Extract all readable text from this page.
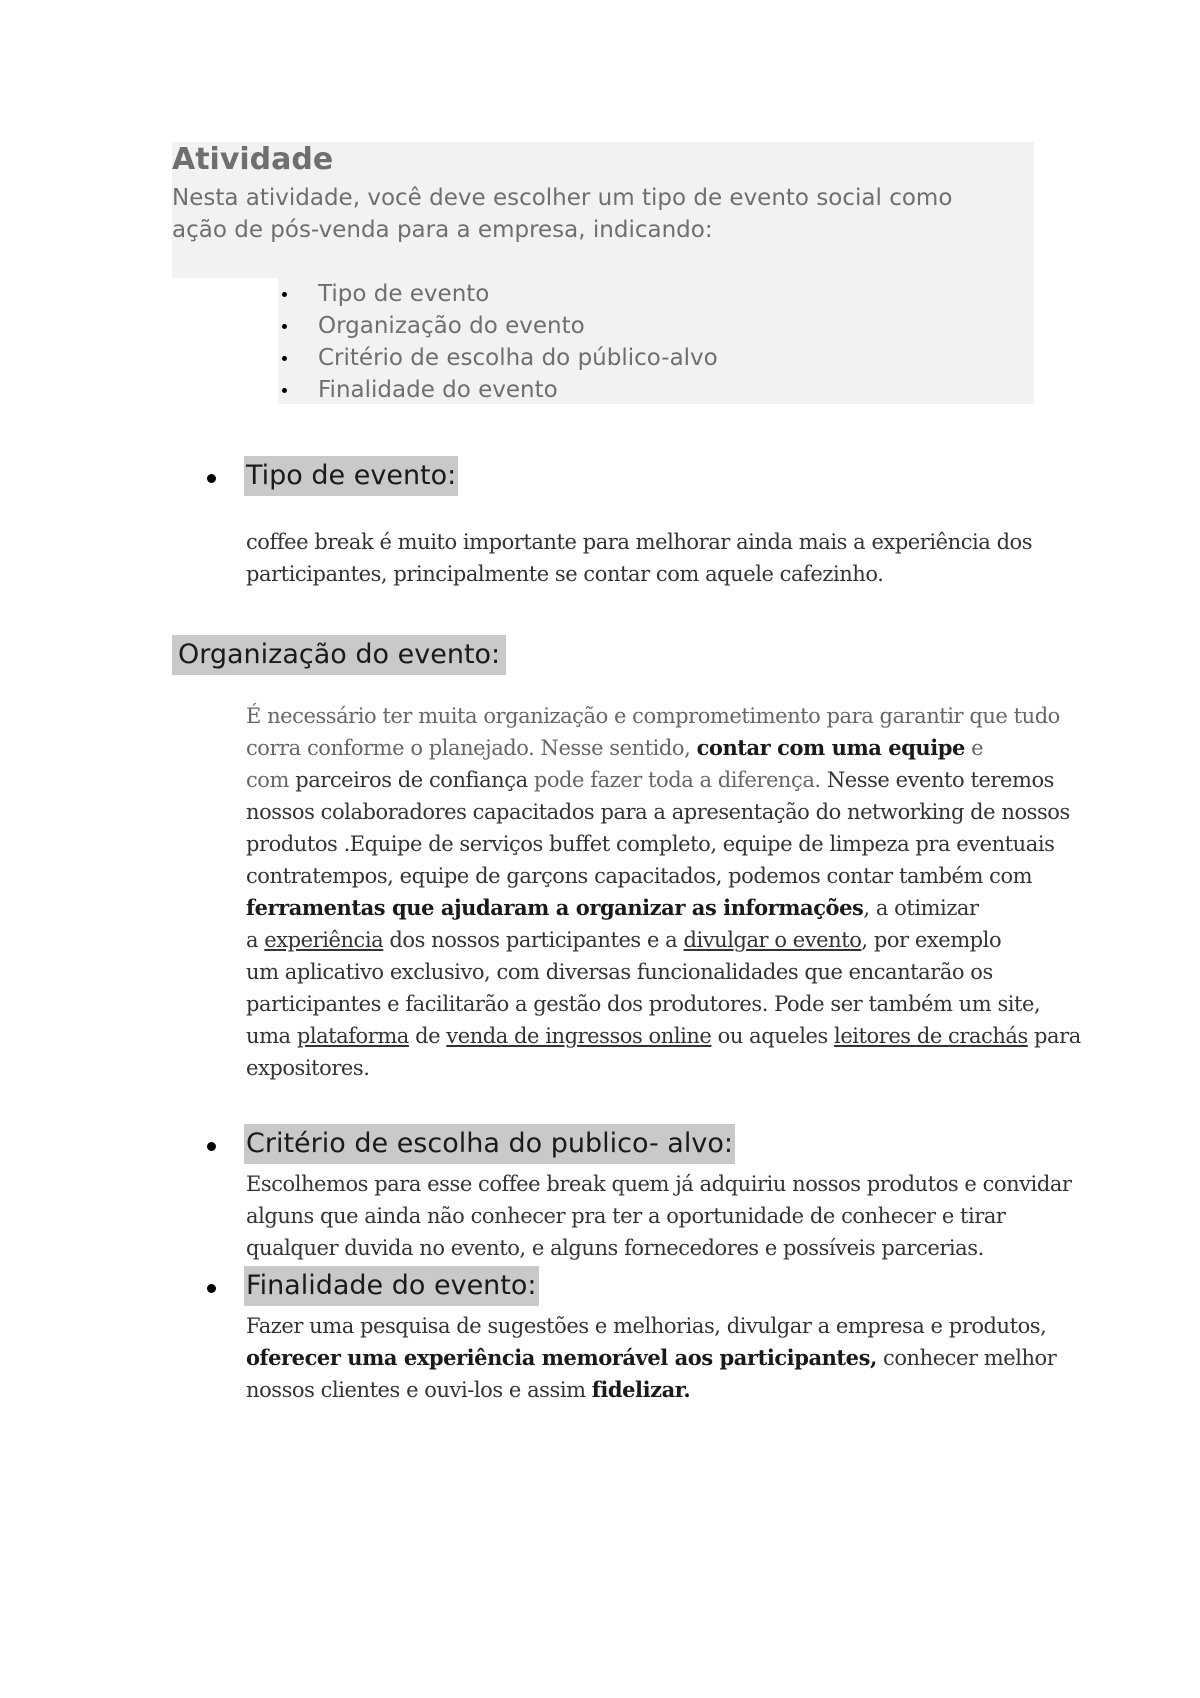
Atividade

Nesta atividade, você deve escolher um tipo de evento social como
ação de pós-venda para a empresa, indicando:

Tipo de evento
Organização do evento
Critério de escolha do público-alvo
Finalidade do evento
Tipo de evento:

coffee break é muito importante para melhorar ainda mais a experiência dos
participantes, principalmente se contar com aquele cafezinho.

Organização do evento:

É necessário ter muita organização e comprometimento para garantir que tudo
corra conforme o planejado. Nesse sentido, contar com uma equipe e
com parceiros de confiança pode fazer toda a diferença. Nesse evento teremos
nossos colaboradores capacitados para a apresentação do networking de nossos
produtos .Equipe de serviços buffet completo, equipe de limpeza pra eventuais
contratempos, equipe de garçons capacitados, podemos contar também com
ferramentas que ajudaram a organizar as informações, a otimizar
a experiência dos nossos participantes e a divulgar o evento, por exemplo
um aplicativo exclusivo, com diversas funcionalidades que encantarão os
participantes e facilitarão a gestão dos produtores. Pode ser também um site,
uma plataforma de venda de ingressos online ou aqueles leitores de crachás para
expositores.

Critério de escolha do publico- alvo:

Escolhemos para esse coffee break quem já adquiriu nossos produtos e convidar
alguns que ainda não conhecer pra ter a oportunidade de conhecer e tirar
qualquer duvida no evento, e alguns fornecedores e possíveis parcerias.

Finalidade do evento:

Fazer uma pesquisa de sugestões e melhorias, divulgar a empresa e produtos,
oferecer uma experiência memorável aos participantes, conhecer melhor
nossos clientes e ouvi-los e assim fidelizar.
